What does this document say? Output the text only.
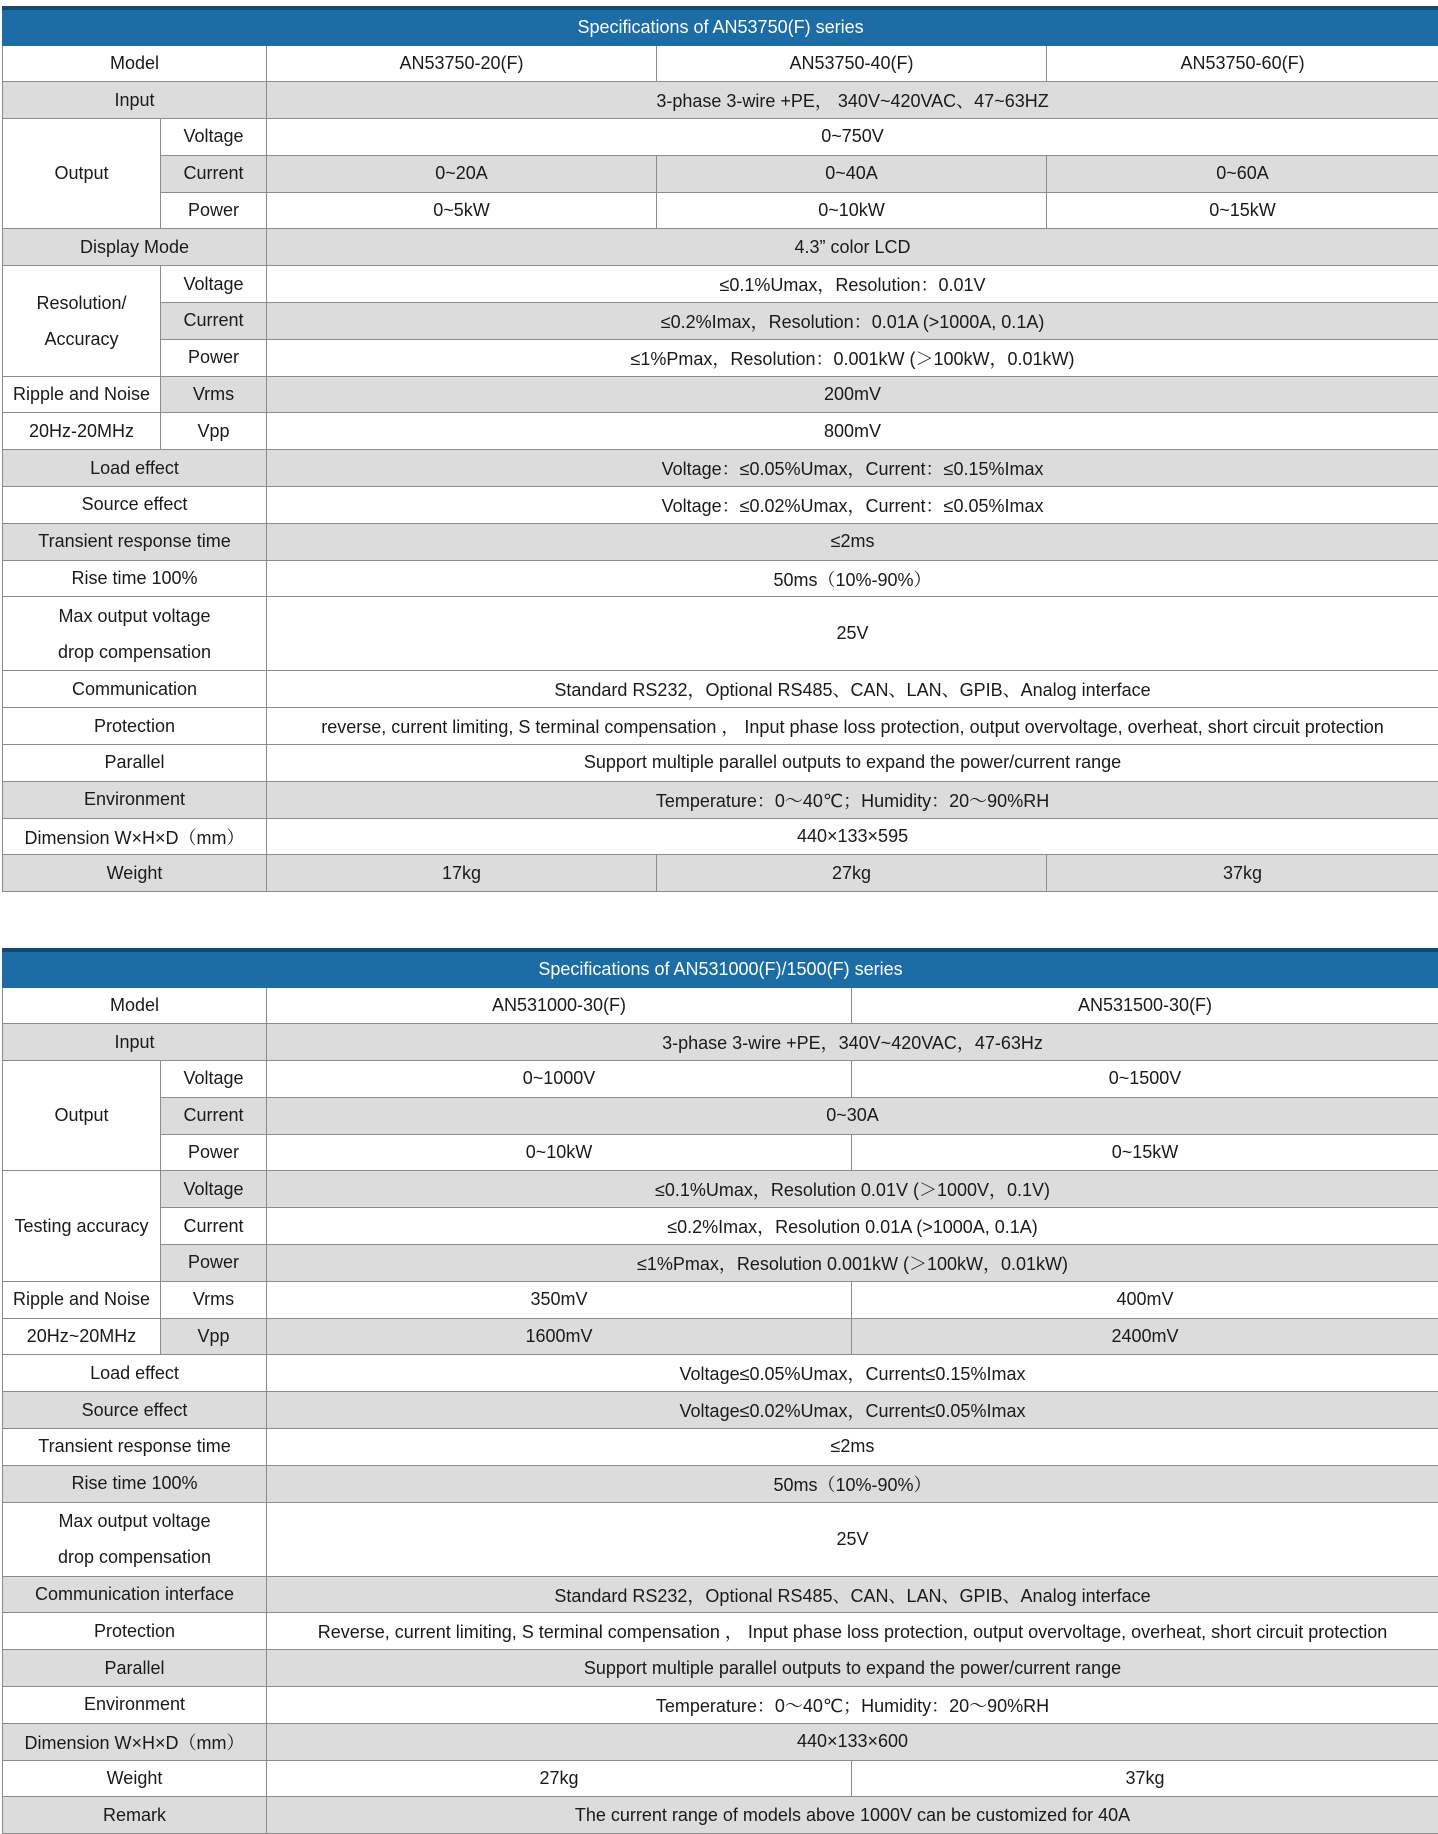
Specifications of AN53750(F) series				
Model		AN53750-20(F)	AN53750-40(F)	AN53750-60(F)
Input		3-phase 3-wire +PE， 340V~420VAC、47~63HZ		
Output	Voltage	0~750V		
	Current	0~20A	0~40A	0~60A
	Power	0~5kW	0~10kW	0~15kW
Display Mode		4.3” color LCD		
Resolution/
Accuracy	Voltage	≤0.1%Umax，Resolution：0.01V		
	Current	≤0.2%Imax，Resolution：0.01A (>1000A, 0.1A)		
	Power	≤1%Pmax，Resolution：0.001kW (＞100kW，0.01kW)		
Ripple and Noise	Vrms	200mV		
20Hz-20MHz	Vpp	800mV		
Load effect		Voltage：≤0.05%Umax，Current：≤0.15%Imax		
Source effect		Voltage：≤0.02%Umax，Current：≤0.05%Imax		
Transient response time		≤2ms		
Rise time 100%		50ms（10%-90%）		
Max output voltage
drop compensation		25V		
Communication		Standard RS232，Optional RS485、CAN、LAN、GPIB、Analog interface		
Protection		reverse, current limiting, S terminal compensation ， Input phase loss protection, output overvoltage, overheat, short circuit protection		
Parallel		Support multiple parallel outputs to expand the power/current range		
Environment		Temperature：0～40℃；Humidity：20～90%RH		
Dimension W×H×D（mm）		440×133×595		
Weight		17kg	27kg	37kg
Specifications of AN531000(F)/1500(F) series			
Model		AN531000-30(F)	AN531500-30(F)
Input		3-phase 3-wire +PE，340V~420VAC，47-63Hz	
Output	Voltage	0~1000V	0~1500V
	Current	0~30A	
	Power	0~10kW	0~15kW
Testing accuracy	Voltage	≤0.1%Umax，Resolution 0.01V (＞1000V，0.1V)	
	Current	≤0.2%Imax，Resolution 0.01A (>1000A, 0.1A)	
	Power	≤1%Pmax，Resolution 0.001kW (＞100kW，0.01kW)	
Ripple and Noise	Vrms	350mV	400mV
20Hz~20MHz	Vpp	1600mV	2400mV
Load effect		Voltage≤0.05%Umax，Current≤0.15%Imax	
Source effect		Voltage≤0.02%Umax，Current≤0.05%Imax	
Transient response time		≤2ms	
Rise time 100%		50ms（10%-90%）	
Max output voltage
drop compensation		25V	
Communication interface		Standard RS232，Optional RS485、CAN、LAN、GPIB、Analog interface	
Protection		Reverse, current limiting, S terminal compensation ， Input phase loss protection, output overvoltage, overheat, short circuit protection	
Parallel		Support multiple parallel outputs to expand the power/current range	
Environment		Temperature：0～40℃；Humidity：20～90%RH	
Dimension W×H×D（mm）		440×133×600	
Weight		27kg	37kg
Remark		The current range of models above 1000V can be customized for 40A	
